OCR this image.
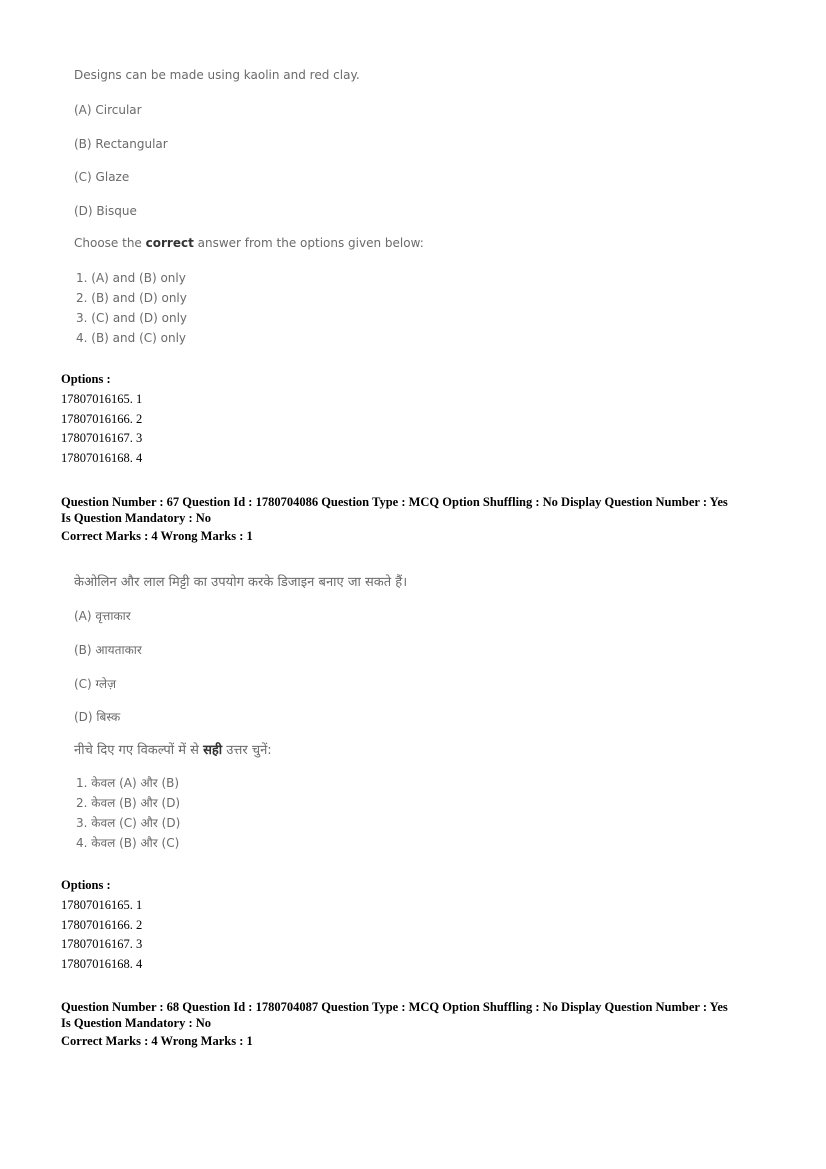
Designs can be made using kaolin and red clay.
(A) Circular
(B) Rectangular
(C) Glaze
(D) Bisque
Choose the correct answer from the options given below:
1. (A) and (B) only
2. (B) and (D) only
3. (C) and (D) only
4. (B) and (C) only
Options :
17807016165. 1
17807016166. 2
17807016167. 3
17807016168. 4
Question Number : 67 Question Id : 1780704086 Question Type : MCQ Option Shuffling : No Display Question Number : Yes
Is Question Mandatory : No
Correct Marks : 4 Wrong Marks : 1
केओलिन और लाल मिट्टी का उपयोग करके डिजाइन बनाए जा सकते हैं।
(A) वृत्ताकार
(B) आयताकार
(C) ग्लेज़
(D) बिस्क
नीचे दिए गए विकल्पों में से सही उत्तर चुनें:
1. केवल (A) और (B)
2. केवल (B) और (D)
3. केवल (C) और (D)
4. केवल (B) और (C)
Options :
17807016165. 1
17807016166. 2
17807016167. 3
17807016168. 4
Question Number : 68 Question Id : 1780704087 Question Type : MCQ Option Shuffling : No Display Question Number : Yes
Is Question Mandatory : No
Correct Marks : 4 Wrong Marks : 1
